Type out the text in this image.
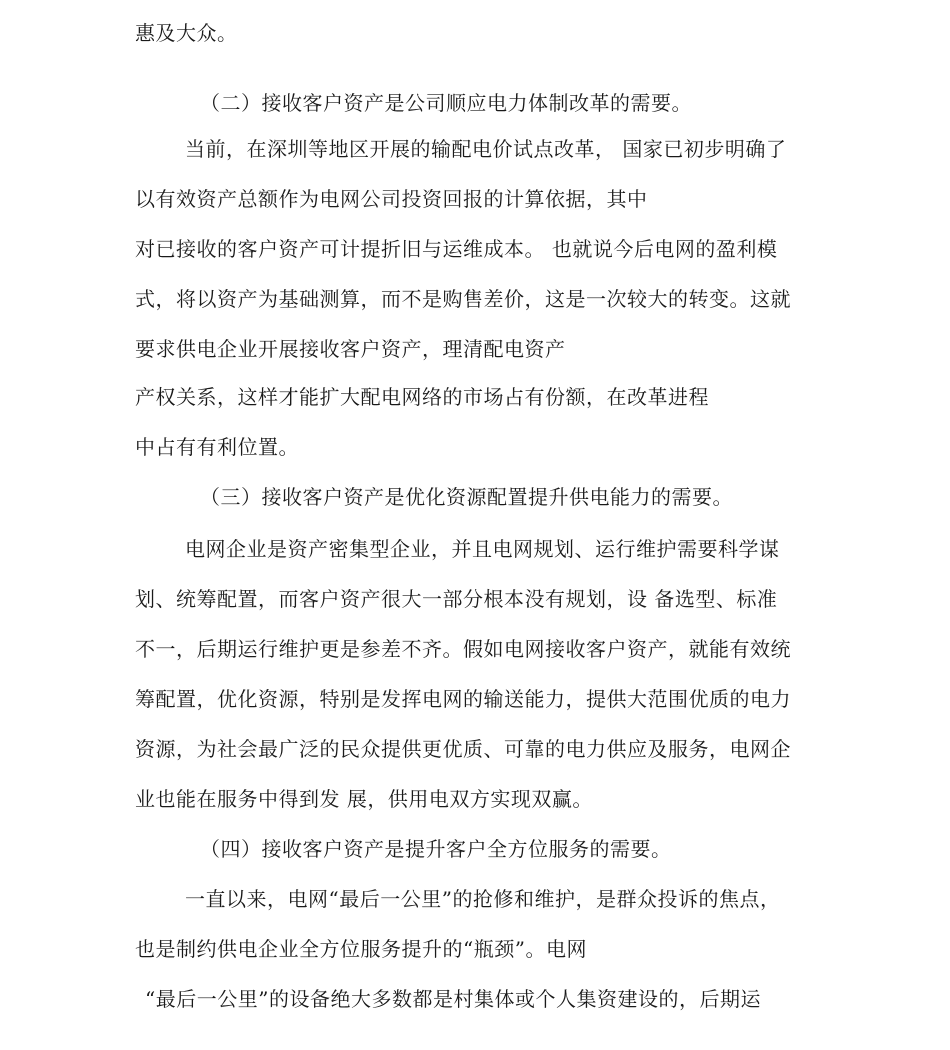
惠及大众。
（二）接收客户资产是公司顺应电力体制改革的需要。
当前，在深圳等地区开展的输配电价试点改革， 国家已初步明确了
以有效资产总额作为电网公司投资回报的计算依据，其中
对已接收的客户资产可计提折旧与运维成本。 也就说今后电网的盈利模
式，将以资产为基础测算，而不是购售差价，这是一次较大的转变。这就
要求供电企业开展接收客户资产，理清配电资产
产权关系，这样才能扩大配电网络的市场占有份额，在改革进程
中占有有利位置。
（三）接收客户资产是优化资源配置提升供电能力的需要。
电网企业是资产密集型企业，并且电网规划、运行维护需要科学谋
划、统筹配置，而客户资产很大一部分根本没有规划，设 备选型、标准
不一，后期运行维护更是参差不齐。假如电网接收客户资产，就能有效统
筹配置，优化资源，特别是发挥电网的输送能力，提供大范围优质的电力
资源，为社会最广泛的民众提供更优质、可靠的电力供应及服务，电网企
业也能在服务中得到发 展，供用电双方实现双赢。
（四）接收客户资产是提升客户全方位服务的需要。
一直以来，电网“最后一公里”的抢修和维护，是群众投诉的焦点，
也是制约供电企业全方位服务提升的“瓶颈”。电网
“最后一公里”的设备绝大多数都是村集体或个人集资建设的，后期运
